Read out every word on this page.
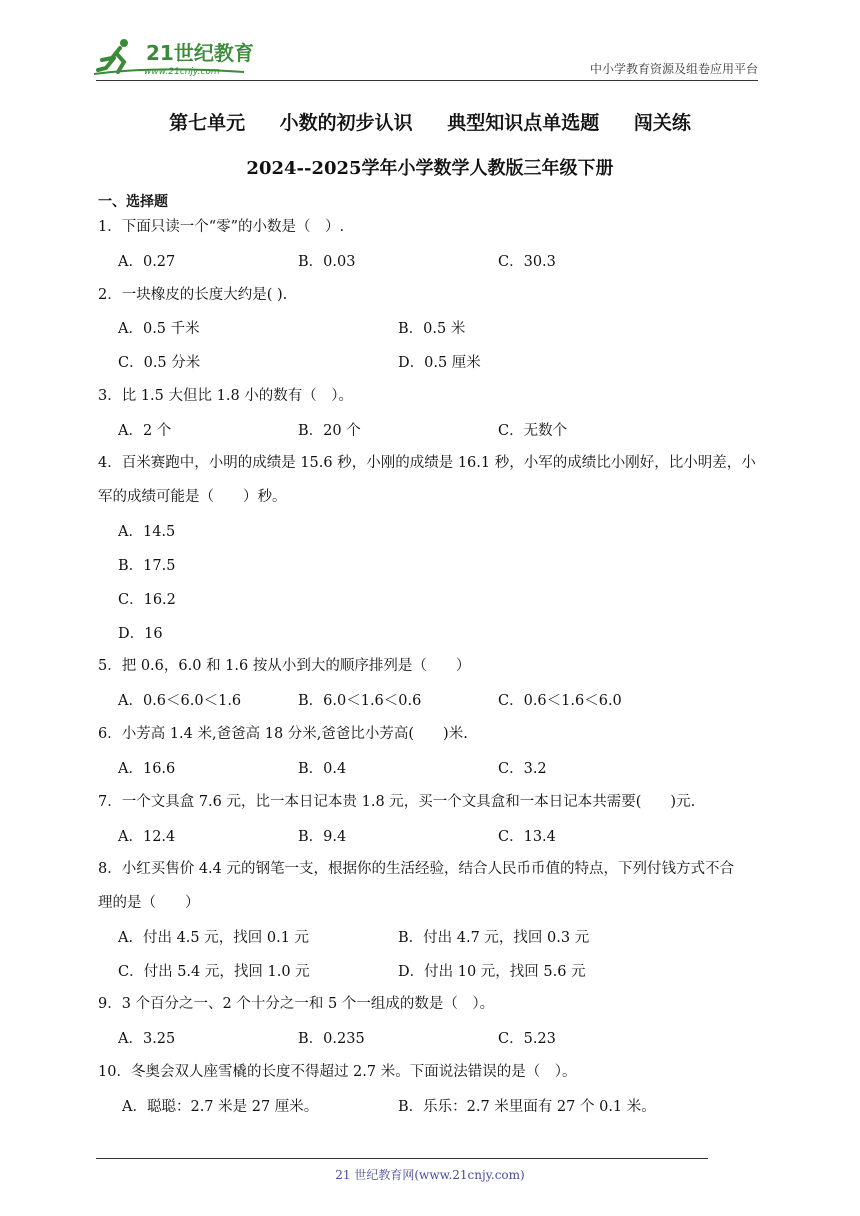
21世纪教育
www.21cnjy.com	中小学教育资源及组卷应用平台
第七单元 小数的初步认识 典型知识点单选题 闯关练
2024--2025学年小学数学人教版三年级下册
一、选择题
1．下面只读一个“零”的小数是（　）.
A．0.27	B．0.03	C．30.3
2．一块橡皮的长度大约是( ).
A．0.5 千米	B．0.5 米
C．0.5 分米	D．0.5 厘米
3．比 1.5 大但比 1.8 小的数有（　）。
A．2 个	B．20 个	C．无数个
4．百米赛跑中，小明的成绩是 15.6 秒，小刚的成绩是 16.1 秒，小军的成绩比小刚好，比小明差，小
军的成绩可能是（　　）秒。
A．14.5
B．17.5
C．16.2
D．16
5．把 0.6，6.0 和 1.6 按从小到大的顺序排列是（　　）
A．0.6＜6.0＜1.6	B．6.0＜1.6＜0.6	C．0.6＜1.6＜6.0
6．小芳高 1.4 米,爸爸高 18 分米,爸爸比小芳高(　　)米.
A．16.6	B．0.4	C．3.2
7．一个文具盒 7.6 元，比一本日记本贵 1.8 元，买一个文具盒和一本日记本共需要(　　)元.
A．12.4	B．9.4	C．13.4
8．小红买售价 4.4 元的钢笔一支，根据你的生活经验，结合人民币币值的特点，下列付钱方式不合
理的是（　　）
A．付出 4.5 元，找回 0.1 元	B．付出 4.7 元，找回 0.3 元
C．付出 5.4 元，找回 1.0 元	D．付出 10 元，找回 5.6 元
9．3 个百分之一、2 个十分之一和 5 个一组成的数是（　）。
A．3.25	B．0.235	C．5.23
10．冬奥会双人座雪橇的长度不得超过 2.7 米。下面说法错误的是（　）。
A．聪聪：2.7 米是 27 厘米。	B．乐乐：2.7 米里面有 27 个 0.1 米。
21 世纪教育网(www.21cnjy.com)
